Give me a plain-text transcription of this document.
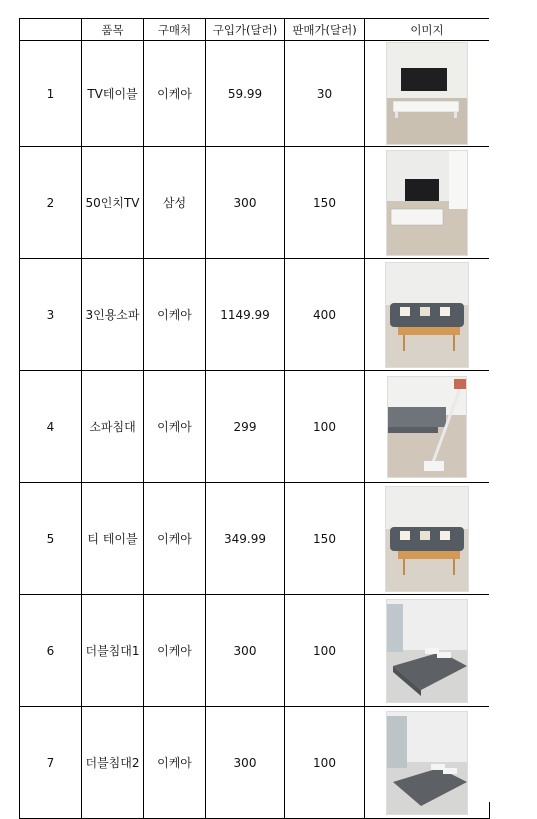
	품목	구매처	구입가(달러)	판매가(달러)	이미지
1	TV테이블	이케아	59.99	30	

2	50인치TV	삼성	300	150	

3	3인용소파	이케아	1149.99	400	

4	소파침대	이케아	299	100	

5	티 테이블	이케아	349.99	150	

6	더블침대1	이케아	300	100	

7	더블침대2	이케아	300	100	
